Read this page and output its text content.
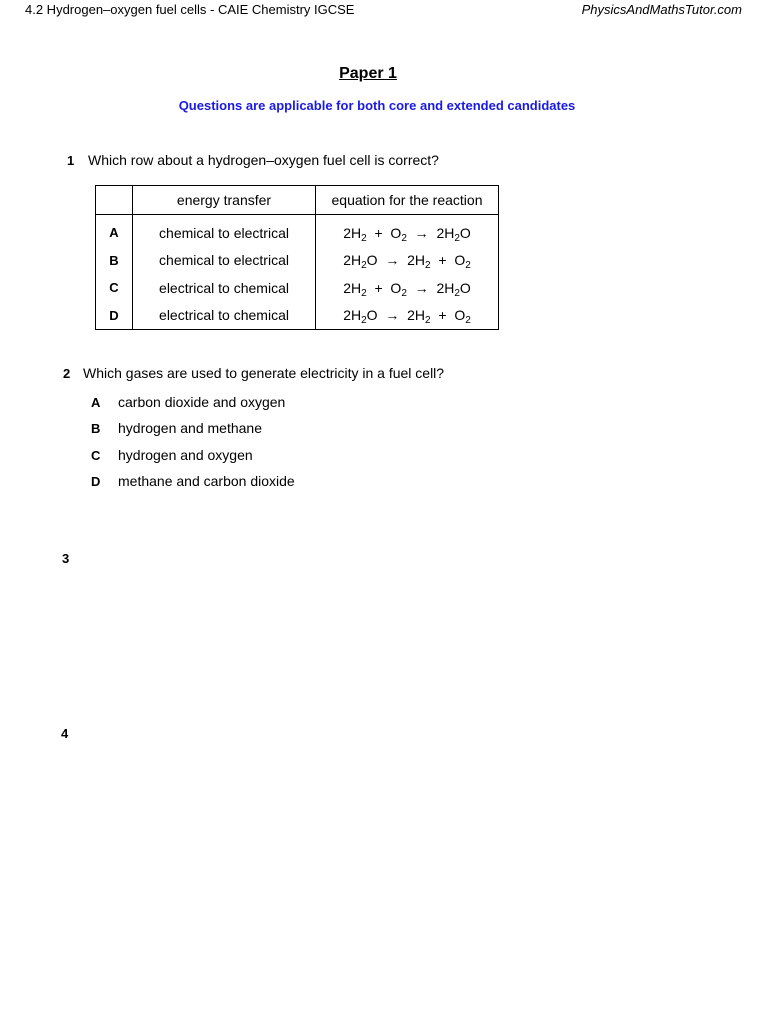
4.2 Hydrogen–oxygen fuel cells - CAIE Chemistry IGCSE	PhysicsAndMathsTutor.com
Paper 1
Questions are applicable for both core and extended candidates
1 Which row about a hydrogen–oxygen fuel cell is correct?
	energy transfer	equation for the reaction
A	chemical to electrical	$2H_2 + O_2 \to 2H_2O$
B	chemical to electrical	$2H_2O \to 2H_2 + O_2$
C	electrical to chemical	$2H_2 + O_2 \to 2H_2O$
D	electrical to chemical	$2H_2O \to 2H_2 + O_2$
2 Which gases are used to generate electricity in a fuel cell?
A carbon dioxide and oxygen
B hydrogen and methane
C hydrogen and oxygen
D methane and carbon dioxide
3
4
